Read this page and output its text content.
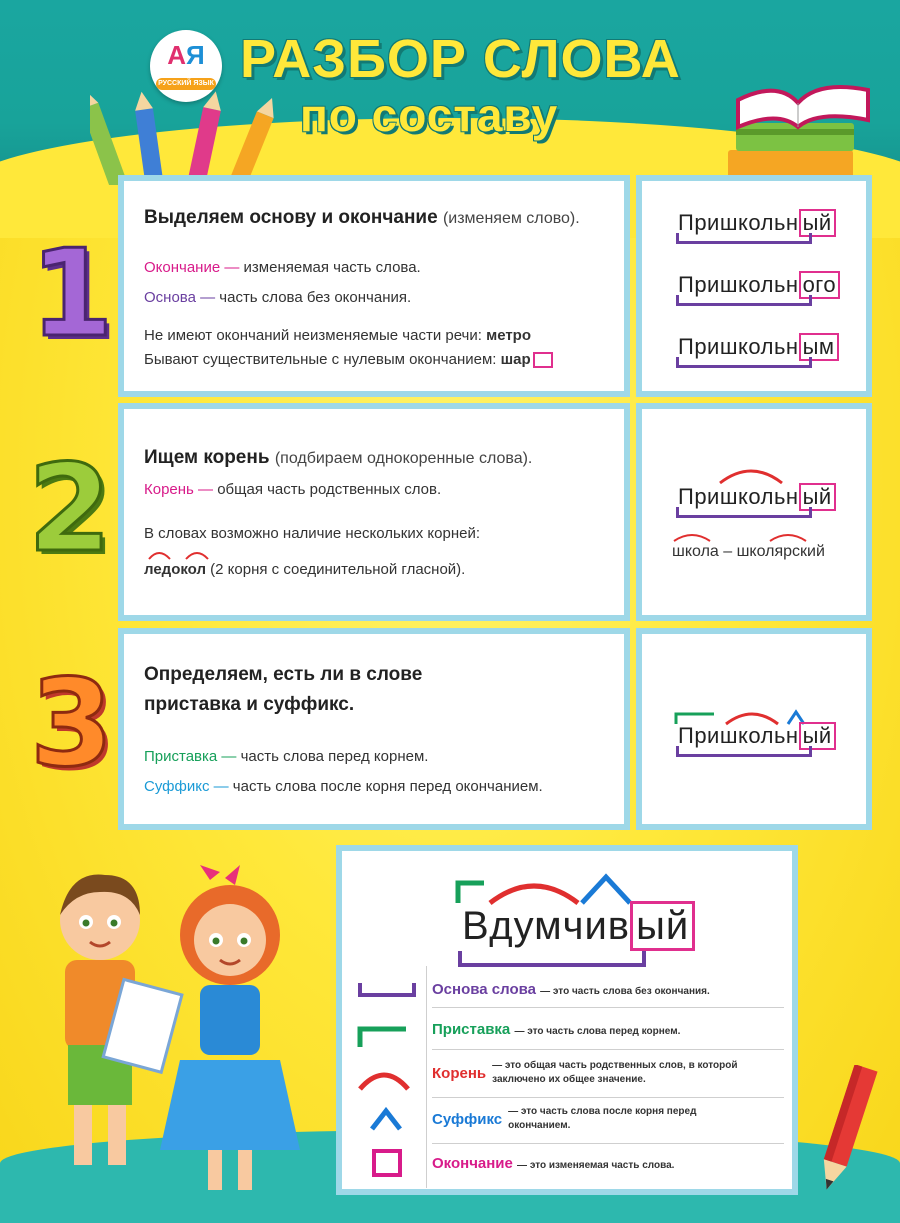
АЯ
РУССКИЙ ЯЗЫК РАЗБОР СЛОВА
по составу
1
2
3
Выделяем основу и окончание (изменяем слово).
Окончание — изменяемая часть слова.
Основа — часть слова без окончания.
Не имеют окончаний неизменяемые части речи: метро
Бывают существительные с нулевым окончанием: шар
Ищем корень (подбираем однокоренные слова).
Корень — общая часть родственных слов.
В словах возможно наличие нескольких корней:
ледокол (2 корня с соединительной гласной).
Определяем, есть ли в слове
приставка и суффикс.
Приставка — часть слова перед корнем.
Суффикс — часть слова после корня перед окончанием.
Пришкольн ый
Пришкольн ого
Пришкольн ым
Пришкольн ый
школа – школярский
Пришкольн ый
Вдумчив ый
Основа слова — это часть слова без окончания.
Приставка — это часть слова перед корнем.
Корень — это общая часть родственных слов, в которой заключено их общее значение.
Суффикс — это часть слова после корня перед окончанием.
Окончание — это изменяемая часть слова.
